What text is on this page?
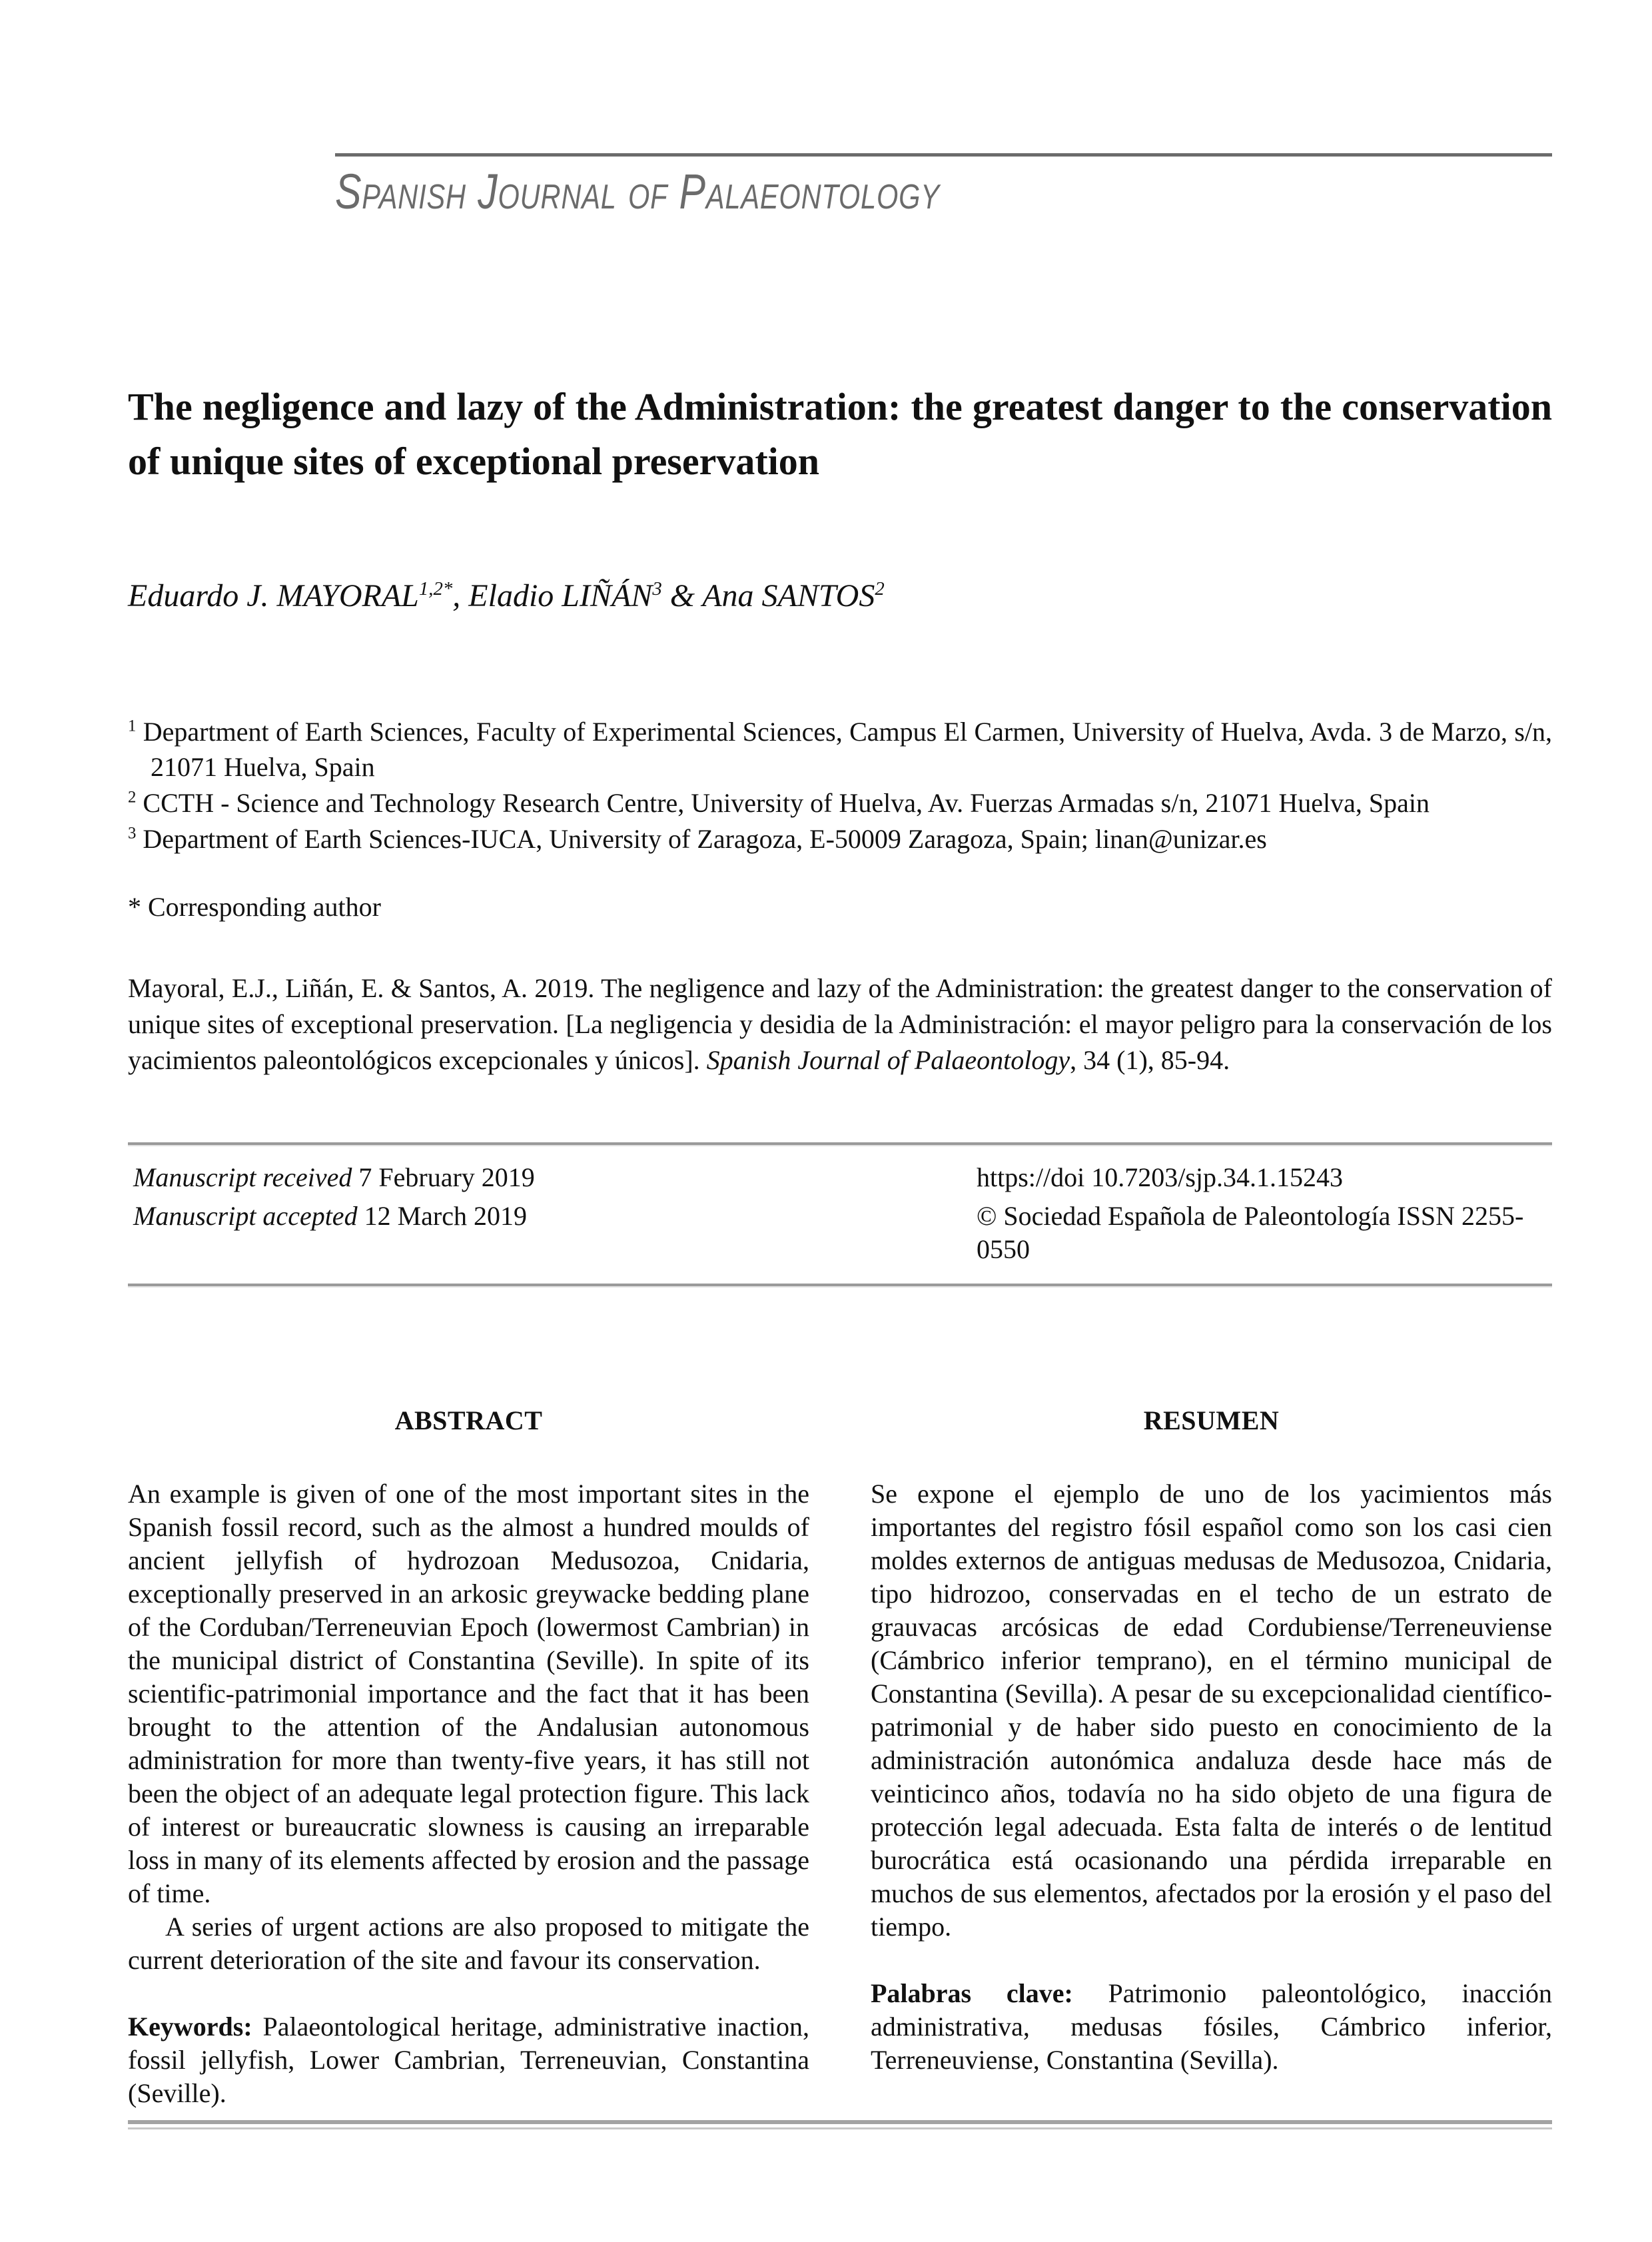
Spanish Journal of Palaeontology
The negligence and lazy of the Administration: the greatest danger to the conservation of unique sites of exceptional preservation
Eduardo J. $MAYORAL^{1,2*}$, Eladio LIÑÁN$^3$ & Ana SANTOS$^2$
$^1$ Department of Earth Sciences, Faculty of Experimental Sciences, Campus El Carmen, University of Huelva, Avda. 3 de Marzo, s/n, 21071 Huelva, Spain
$^2$ CCTH - Science and Technology Research Centre, University of Huelva, Av. Fuerzas Armadas s/n, 21071 Huelva, Spain
$^3$ Department of Earth Sciences-IUCA, University of Zaragoza, E-50009 Zaragoza, Spain; linan@unizar.es
* Corresponding author
Mayoral, E.J., Liñán, E. & Santos, A. 2019. The negligence and lazy of the Administration: the greatest danger to the conservation of unique sites of exceptional preservation. [La negligencia y desidia de la Administración: el mayor peligro para la conservación de los yacimientos paleontológicos excepcionales y únicos]. Spanish Journal of Palaeontology, 34 (1), 85-94.
Manuscript received 7 February 2019	https://doi 10.7203/sjp.34.1.15243
Manuscript accepted 12 March 2019	© Sociedad Española de Paleontología ISSN 2255-0550
ABSTRACT

An example is given of one of the most important sites in the Spanish fossil record, such as the almost a hundred moulds of ancient jellyfish of hydrozoan Medusozoa, Cnidaria, exceptionally preserved in an arkosic greywacke bedding plane of the Corduban/Terreneuvian Epoch (lowermost Cambrian) in the municipal district of Constantina (Seville). In spite of its scientific-patrimonial importance and the fact that it has been brought to the attention of the Andalusian autonomous administration for more than twenty-five years, it has still not been the object of an adequate legal protection figure. This lack of interest or bureaucratic slowness is causing an irreparable loss in many of its elements affected by erosion and the passage of time.

A series of urgent actions are also proposed to mitigate the current deterioration of the site and favour its conservation.

Keywords: Palaeontological heritage, administrative inaction, fossil jellyfish, Lower Cambrian, Terreneuvian, Constantina (Seville).

RESUMEN

Se expone el ejemplo de uno de los yacimientos más importantes del registro fósil español como son los casi cien moldes externos de antiguas medusas de Medusozoa, Cnidaria, tipo hidrozoo, conservadas en el techo de un estrato de grauvacas arcósicas de edad Cordubiense/Terreneuviense (Cámbrico inferior temprano), en el término municipal de Constantina (Sevilla). A pesar de su excepcionalidad científico-patrimonial y de haber sido puesto en conocimiento de la administración autonómica andaluza desde hace más de veinticinco años, todavía no ha sido objeto de una figura de protección legal adecuada. Esta falta de interés o de lentitud burocrática está ocasionando una pérdida irreparable en muchos de sus elementos, afectados por la erosión y el paso del tiempo.

Palabras clave: Patrimonio paleontológico, inacción administrativa, medusas fósiles, Cámbrico inferior, Terreneuviense, Constantina (Sevilla).
